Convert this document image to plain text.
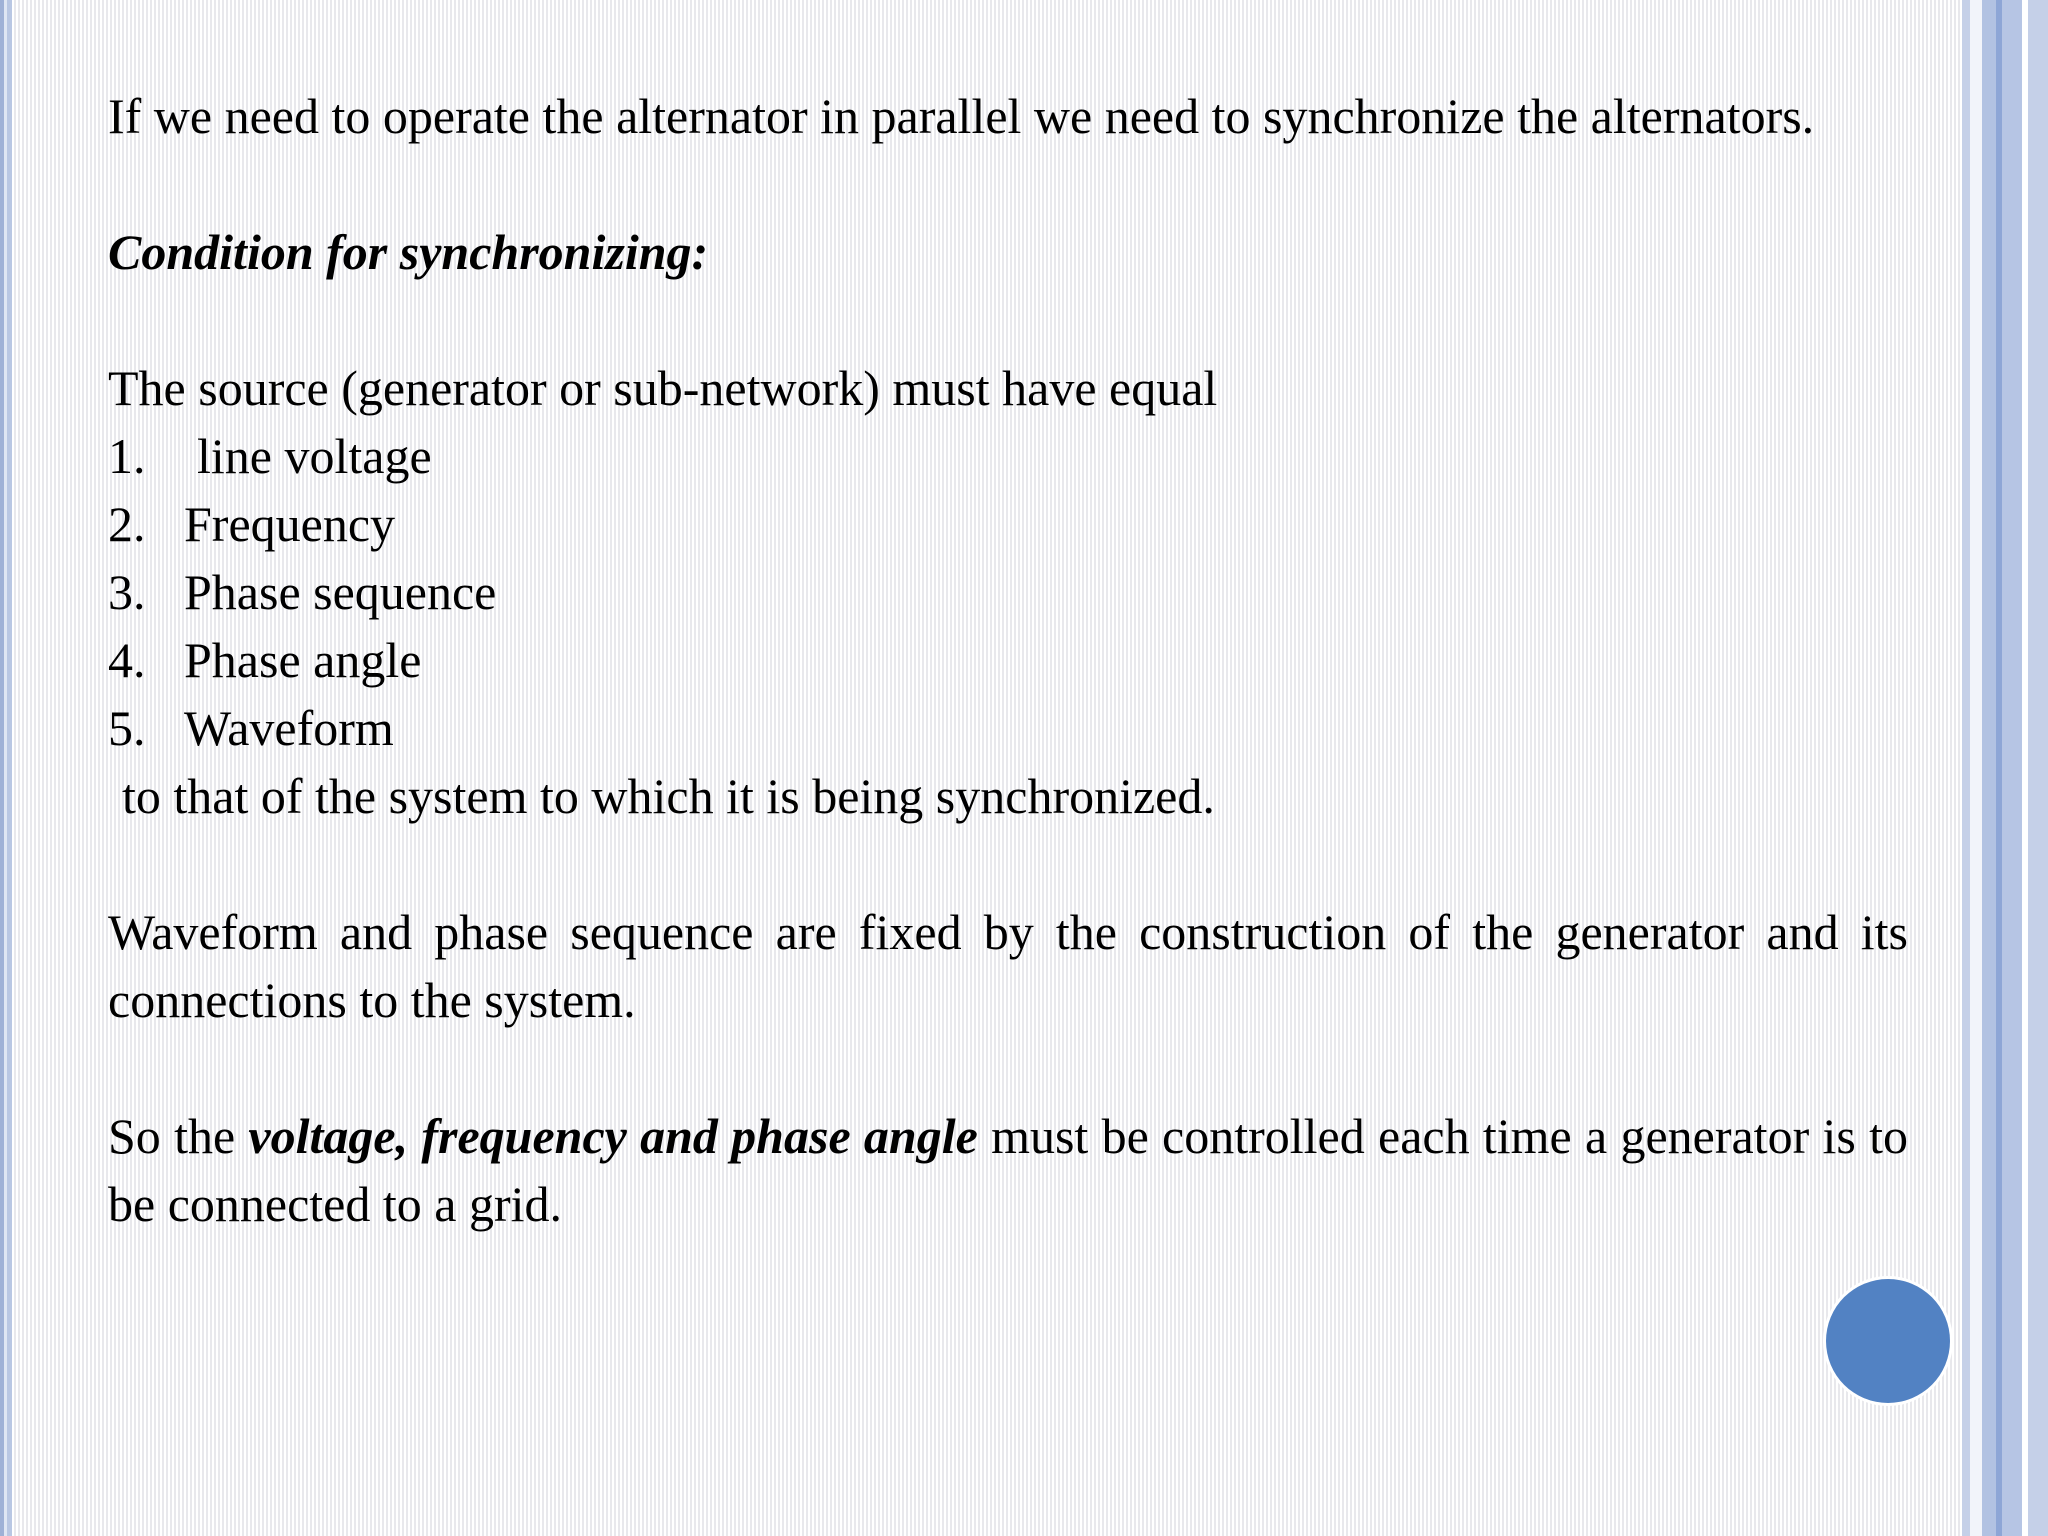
If we need to operate the alternator in parallel we need to synchronize the alternators.

Condition for synchronizing:

The source (generator or sub-network) must have equal

1.	line voltage
2. Frequency
3. Phase sequence
4. Phase angle
5. Waveform

to that of the system to which it is being synchronized.

Waveform and phase sequence are fixed by the construction of the generator and its connections to the system.

So the voltage, frequency and phase angle must be controlled each time a generator is to be connected to a grid.
